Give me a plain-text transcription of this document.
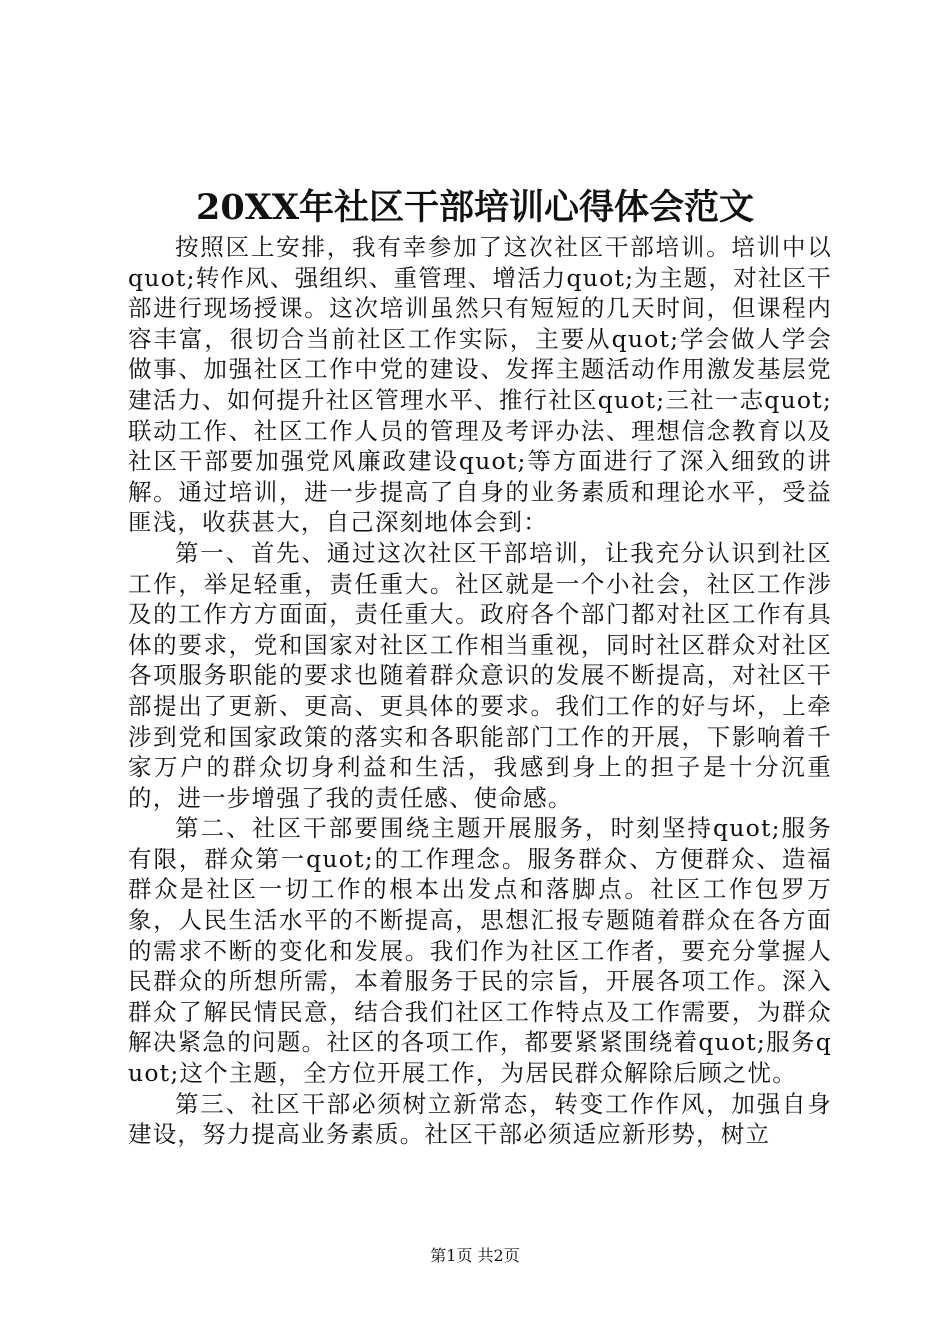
20XX年社区干部培训心得体会范文

按照区上安排，我有幸参加了这次社区干部培训。培训中以quot;转作风、强组织、重管理、增活力quot;为主题，对社区干部进行现场授课。这次培训虽然只有短短的几天时间，但课程内容丰富，很切合当前社区工作实际，主要从quot;学会做人学会做事、加强社区工作中党的建设、发挥主题活动作用激发基层党建活力、如何提升社区管理水平、推行社区quot;三社一志quot;联动工作、社区工作人员的管理及考评办法、理想信念教育以及社区干部要加强党风廉政建设quot;等方面进行了深入细致的讲解。通过培训，进一步提高了自身的业务素质和理论水平，受益匪浅，收获甚大，自己深刻地体会到：

第一、首先、通过这次社区干部培训，让我充分认识到社区工作，举足轻重，责任重大。社区就是一个小社会，社区工作涉及的工作方方面面，责任重大。政府各个部门都对社区工作有具体的要求，党和国家对社区工作相当重视，同时社区群众对社区各项服务职能的要求也随着群众意识的发展不断提高，对社区干部提出了更新、更高、更具体的要求。我们工作的好与坏，上牵涉到党和国家政策的落实和各职能部门工作的开展，下影响着千家万户的群众切身利益和生活，我感到身上的担子是十分沉重的，进一步增强了我的责任感、使命感。

第二、社区干部要围绕主题开展服务，时刻坚持quot;服务有限，群众第一quot;的工作理念。服务群众、方便群众、造福群众是社区一切工作的根本出发点和落脚点。社区工作包罗万象，人民生活水平的不断提高，思想汇报专题随着群众在各方面的需求不断的变化和发展。我们作为社区工作者，要充分掌握人民群众的所想所需，本着服务于民的宗旨，开展各项工作。深入群众了解民情民意，结合我们社区工作特点及工作需要，为群众解决紧急的问题。社区的各项工作，都要紧紧围绕着quot;服务quot;这个主题，全方位开展工作，为居民群众解除后顾之忧。

第三、社区干部必须树立新常态，转变工作作风，加强自身建设，努力提高业务素质。社区干部必须适应新形势，树立

第1页 共2页
